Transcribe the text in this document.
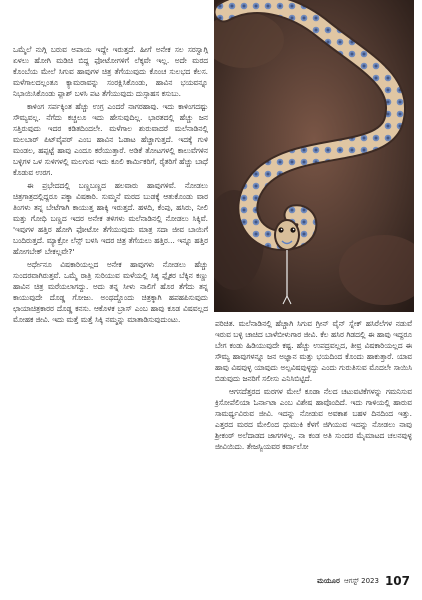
ಒಮ್ಮೆಲೆ ನುಗ್ಗಿ ಬರುವ ಅಪಾಯ ಇದ್ದೇ ಇರುತ್ತದೆ. ಹೀಗೆ ಅನೇಕ ಸಲ ಸರಸ್ವಾಗ್ಗಿ ಏಳಲು ಹೋಗಿ ಮಡಿಚಿ ಬಿದ್ದ ಫೋಟೋಗಳಿಗೆ ಲೆಕ್ಕವೇ ಇಲ್ಲ. ಅದೇ ಮರದ ಕೊಂಬೆಯ ಮೇಲೆ ಸಿಗುವ ಹಾವುಗಳ ಚಿತ್ರ ತೆಗೆಯುವುದು ಕೊಂಚ ಸುಲಭದ ಕೆಲಸ. ಮಳೆಗಾಲದಲ್ಲಂತೂ ಕ್ಯಾಮರಾವನ್ನು ಸಂರಕ್ಷಿಸಿಕೊಂಡು, ಹಾವಿನ ಭಯವನ್ನೂ ನಿಭಾಯಿಸಿಕೊಂಡು ಫ್ಲಾಶ್ ಬಳಸಿ ಪಟ ತೆಗೆಯುವುದು ದುಸ್ಸಾಹಸ ಕಸುಬು.

ಕಾಳಿಂಗ ಸರ್ಪಕ್ಕಿಂತ ಹೆಚ್ಚು ಉಗ್ರ ಎಂದರೆ ನಾಗರಹಾವು. ಇದು ಕಾಳಿಂಗದಷ್ಟು ಸೌಮ್ಯವಲ್ಲ. ನೆಗೆದು ಕಚ್ಚಲೂ ಇದು ಹೇಸುವುದಿಲ್ಲ. ಭಾರತದಲ್ಲಿ ಹೆಚ್ಚು ಜನ ಸತ್ತಿರುವುದು ಇದರ ಕಡಿತದಿಂದಲೇ. ಮಳೆಗಾಲ ಶುರುವಾದರೆ ಮಲೆನಾಡಿನಲ್ಲಿ ಮಲಬಾರ್ ಪಿಟ್‌ವೈಪರ್ ಎಂಬ ಹಾವಿನ ಓಡಾಟ ಹೆಚ್ಚಾಗುತ್ತದೆ. ಇದಕ್ಕೆ ಗುಳಿ ಮಂಡಲ, ಹಪ್ಪಟ್ಟೆ ಹಾವು ಎಂದೂ ಕರೆಯುತ್ತಾರೆ. ಅಡಿಕೆ ತೋಟಗಳಲ್ಲಿ ಕಾಲುವೆಗಳಿನ ಬಳ್ಳಿಗಳ ಒಳ ಸುಳಿಗಳಲ್ಲಿ ಮಲಗುವ ಇದು ಕೂಲಿ ಕಾರ್ಮಿಕರಿಗೆ, ರೈತರಿಗೆ ಹೆಚ್ಚು ಬಾಧೆ ಕೊಡುವ ಉರಗ.

ಈ ಪ್ರಭೇದದಲ್ಲಿ ಬಣ್ಣಬಣ್ಣದ ಹಲವಾರು ಹಾವುಗಳಿವೆ. ನೋಡಲು ಚಿತ್ರಗಾತ್ರದಲ್ಲಿದ್ದರೂ ಪಕ್ಕಾ ವಿಷಕಾರಿ. ಸುಮ್ಮನೆ ಮರದ ಬುಡಕ್ಕೆ ಆತುಕೊಂಡು ವಾರ ತಿಂಗಳು ತನ್ನ ಬೇಟೆಗಾಗಿ ಕಾಯುತ್ತ ಹಾಕ್ಕಿ ಇರುತ್ತದೆ. ಹಳದಿ, ಕೆಂಪು, ಹಸಿರು, ನೀಲಿ ಮತ್ತು ಗೋಧಿ ಬಣ್ಣದ ಇದರ ಅನೇಕ ತಳಿಗಳು ಮಲೆನಾಡಿನಲ್ಲಿ ನೋಡಲು ಸಿಕ್ಕಿವೆ. 'ಇವುಗಳ ಹತ್ತಿರ ಹೋಗಿ ಫೋಟೋ ತೆಗೆಯುವುದು ಮಾತ್ರ ಸದಾ ಜೀವ ಬಾಯಿಗೆ ಬಂದಿರುತ್ತದೆ. ಮ್ಯಾಕ್ರೋ ಲೆನ್ಸ್ ಬಳಸಿ ಇದರ ಚಿತ್ರ ತೆಗೆಯಲು ಹತ್ತಿರ... ಇನ್ನೂ ಹತ್ತಿರ ಹೋಗಬೇಕ್ ಬೇಕಲ್ಲವೇ?'

ಅರ್ಧೇನೂ ವಿಷಕಾರಿಯಲ್ಲದ ಅನೇಕ ಹಾವುಗಳು ನೋಡಲು ಹೆಚ್ಚು ಸುಂದರವಾಗಿರುತ್ತವೆ. ಒಮ್ಮೆ ರಾತ್ರಿ ಸುರಿಯುವ ಮಳೆಯಲ್ಲಿ ಸಿಕ್ಕ ಪ್ಲೈಕರ ಬೆಕ್ಕಿನ ಕಣ್ಣು ಹಾವಿನ ಚಿತ್ರ ಮರೆಯಲಾಗದ್ದು. ಅದು ತನ್ನ ಸೀಳು ನಾಲಿಗೆ ಹೊರ ತೆಗೆದು ತನ್ನ ಕಾಯುವುದೇ ದೊಡ್ಡ ಗೋಜು. ಅಂಥದ್ದೊಂದು ಚಿತ್ರಕ್ಕಾಗಿ ಹಪಹಪಿಸುವುದು ಛಾಯಾಚಿತ್ರಕಾರರ ದೊಡ್ಡ ಕನಸು. ಆಕೊಳಕ ಬ್ರಾಸ್ ಎಂಬ ಹಾವು ಕೂಡ ವಿಷವಲ್ಲದ ಮೋಹಕ ಜೀವಿ. ಇದು ಮತ್ತೆ ಮತ್ತೆ ಸಿಕ್ಕಿ ನಮ್ಮನ್ನು ಮಾತಾಡಿಸುವುದುಂಟು.	ಪರಿಚಿತ. ಮಲೆನಾಡಿನಲ್ಲಿ ಹೆಚ್ಚಾಗಿ ಸಿಗುವ ಗ್ರೀನ್ ವೈನ್ ಸ್ನೇಕ್ ಹಸಿರೆಲೆಗಳ ನಡುವೆ ಇರುವ ಬಳ್ಳಿ ಚಾಚಿದ ಬಾಳೆಬೀಳುಗಾರ ಜೀವಿ. ಕೆಲ ಹಸಿರ ಗಿಡದಲ್ಲಿ ಈ ಹಾವು ಇದ್ದರೂ ಬೇಗ ಕಂಡು ಹಿಡಿಯುವುದೇ ಕಷ್ಟ. ಹೆಚ್ಚು ಉಪದ್ರವಲ್ಲದ, ತೀವ್ರ ವಿಷಕಾರಿಯಲ್ಲದ ಈ ಸೌಮ್ಯ ಹಾವುಗಳನ್ನೂ ಜನ ಅಜ್ಞಾನ ಮತ್ತು ಭಯದಿಂದ ಕೊಂದು ಹಾಕುತ್ತಾರೆ. ಯಾವ ಹಾವು ವಿಷವುಳ್ಳ ಯಾವುದು ಅಲ್ಪವಿಷವುಳ್ಳದ್ದು ಎಂದು ಗುರುತಿಸುವ ಮೊದಲೇ ಸಾಯಿಸಿ ಬಿಡುವುದು ಜನರಿಗೆ ಸಲೀಸು ಎನಿಸಿಬಿಟ್ಟಿದೆ.

ಆಗಸದೆತ್ತರದ ಮರಗಳ ಮೇಲೆ ಕೂಡಾ ನೆಲದ ಚಟುವಟಿಕೆಗಳನ್ನು ಗಮನಿಸುವ ಕ್ರಿಸೋಪೆಲಿಯಾ ಓರ್ನಾಟಾ ಎಂಬ ವಿಶೇಷ ಹಾವೊಂದಿದೆ. ಇದು ಗಾಳಿಯಲ್ಲಿ ಹಾರುವ ಸಾಮರ್ಥ್ಯವಿರುವ ಜೀವಿ. ಇದನ್ನು ನೋಡುವ ಅವಕಾಶ ಬಹಳ ದಿನದಿಂದ ಇತ್ತು. ಎತ್ತರದ ಮರದ ಮೇಲಿಂದ ಧುಮುಕಿ ಕೆಳಗೆ ಜಿಗಿಯುವ ಇದನ್ನು ನೋಡಲು ನಾವು ಶ್ರೀಕಂಠ್ ಅಲೆದಾಡದ ಜಾಗಗಳಿಲ್ಲ. ನಾ ಕಂಡ ಅತಿ ಸುಂದರ ಮೈಮಾಟದ ಚಲನವುಳ್ಳ ಜೀವಿಯಿದು. ತೇಜಸ್ವಿಯವರ ಕರ್ವಾಲೋ

ಮಯೂರ ಆಗಸ್ಟ್ 2023 107
